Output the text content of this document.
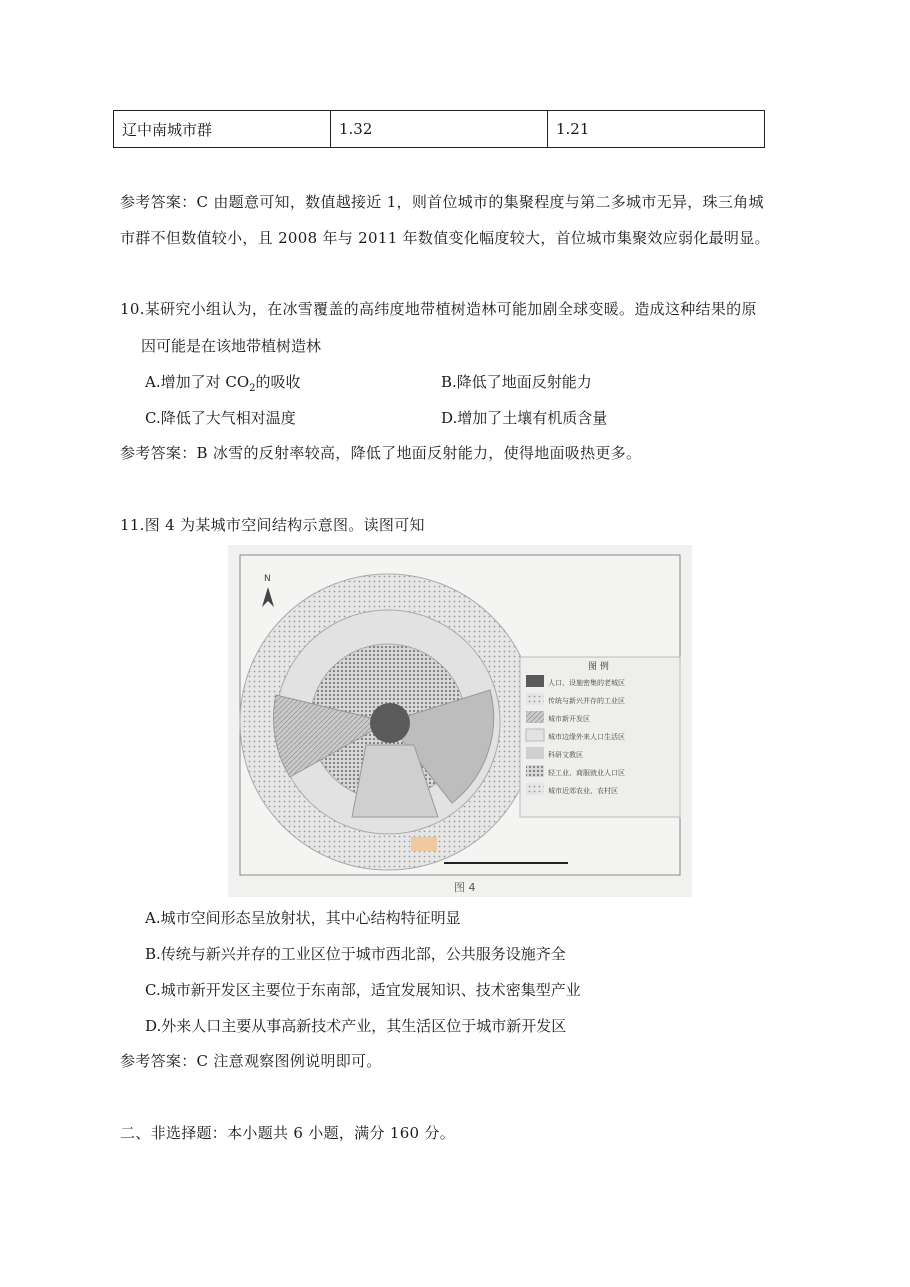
辽中南城市群	1.32	1.21
参考答案：C 由题意可知，数值越接近 1，则首位城市的集聚程度与第二多城市无异，珠三角城
市群不但数值较小，且 2008 年与 2011 年数值变化幅度较大，首位城市集聚效应弱化最明显。
10.某研究小组认为，在冰雪覆盖的高纬度地带植树造林可能加剧全球变暖。造成这种结果的原
因可能是在该地带植树造林
A.增加了对 $CO_2$的吸收	B.降低了地面反射能力
C.降低了大气相对温度	D.增加了土壤有机质含量
参考答案：B 冰雪的反射率较高，降低了地面反射能力，使得地面吸热更多。
11.图 4 为某城市空间结构示意图。读图可知
N
图 例
人口、设施密集的老城区
传统与新兴并存的工业区
城市新开发区
城市边缘外来人口生活区
科研文教区
轻工业、商服就业人口区
城市近郊农业、农村区
图 4
A.城市空间形态呈放射状，其中心结构特征明显
B.传统与新兴并存的工业区位于城市西北部，公共服务设施齐全
C.城市新开发区主要位于东南部，适宜发展知识、技术密集型产业
D.外来人口主要从事高新技术产业，其生活区位于城市新开发区
参考答案：C 注意观察图例说明即可。
二、非选择题：本小题共 6 小题，满分 160 分。
